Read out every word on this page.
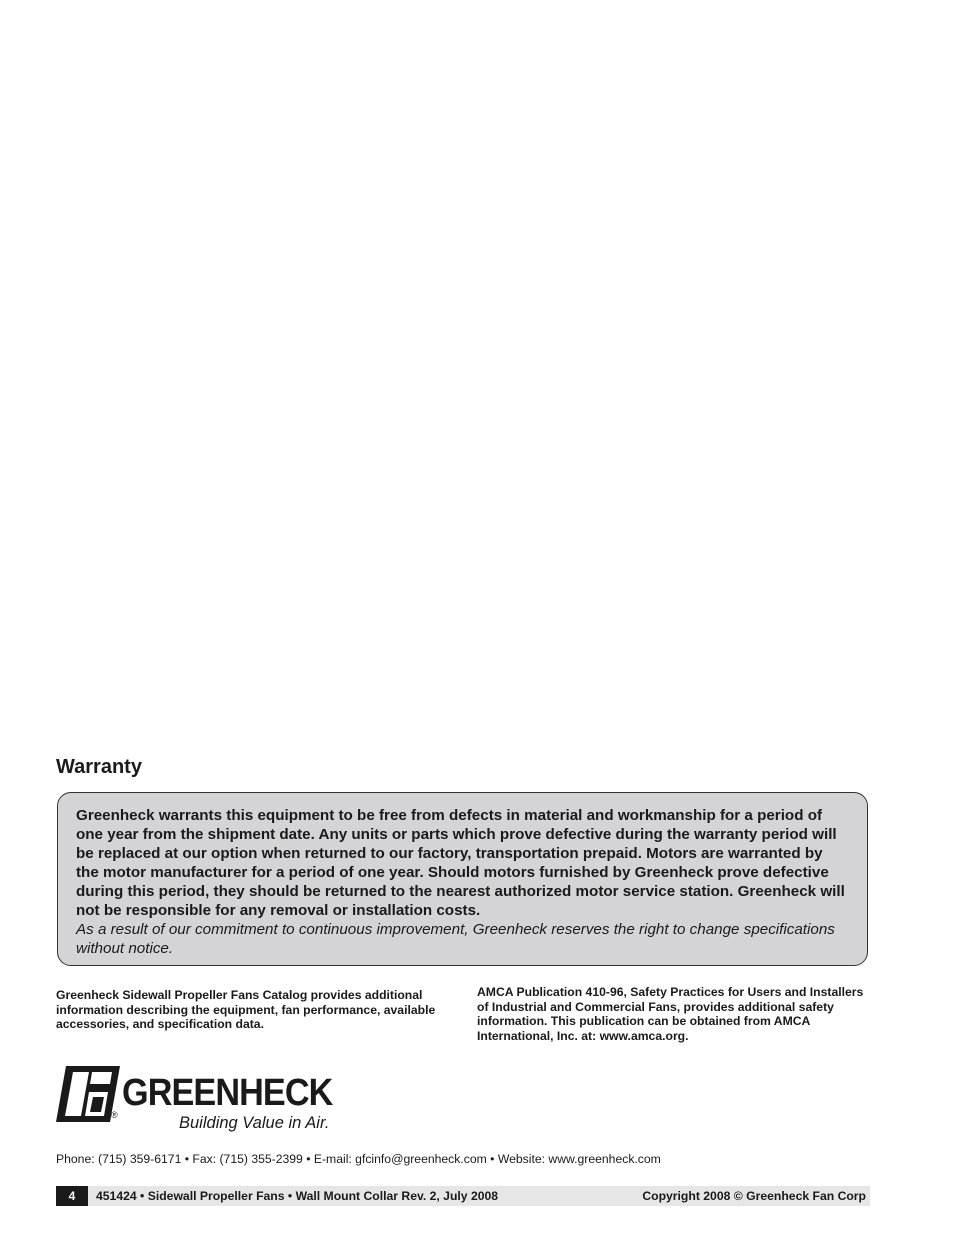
Warranty

Greenheck warrants this equipment to be free from defects in material and workmanship for a period of one year from the shipment date. Any units or parts which prove defective during the warranty period will be replaced at our option when returned to our factory, transportation prepaid. Motors are warranted by the motor manufacturer for a period of one year. Should motors furnished by Greenheck prove defective during this period, they should be returned to the nearest authorized motor service station. Greenheck will not be responsible for any removal or installation costs.

As a result of our commitment to continuous improvement, Greenheck reserves the right to change specifications without notice.

Greenheck Sidewall Propeller Fans Catalog provides additional information describing the equipment, fan performance, available accessories, and specification data.
AMCA Publication 410-96, Safety Practices for Users and Installers of Industrial and Commercial Fans, provides additional safety information. This publication can be obtained from AMCA International, Inc. at: www.amca.org.
GREENHECK
®	Building Value in Air.
Phone: (715) 359-6171 • Fax: (715) 355-2399 • E-mail: gfcinfo@greenheck.com • Website: www.greenheck.com
4	451424 • Sidewall Propeller Fans • Wall Mount Collar Rev. 2, July 2008	Copyright 2008 © Greenheck Fan Corp
